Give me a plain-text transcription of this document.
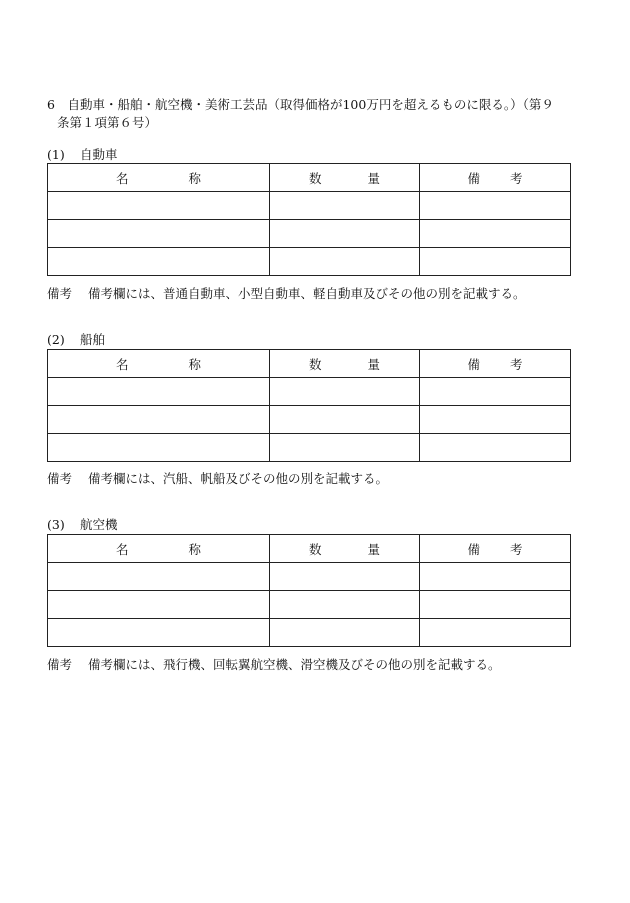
6　自動車・船舶・航空機・美術工芸品（取得価格が100万円を超えるものに限る。）（第９
条第１項第６号）
(1) 自動車
名称	数量	備考

備考 備考欄には、普通自動車、小型自動車、軽自動車及びその他の別を記載する。
(2) 船舶
名称	数量	備考

備考 備考欄には、汽船、帆船及びその他の別を記載する。
(3) 航空機
名称	数量	備考

備考 備考欄には、飛行機、回転翼航空機、滑空機及びその他の別を記載する。
